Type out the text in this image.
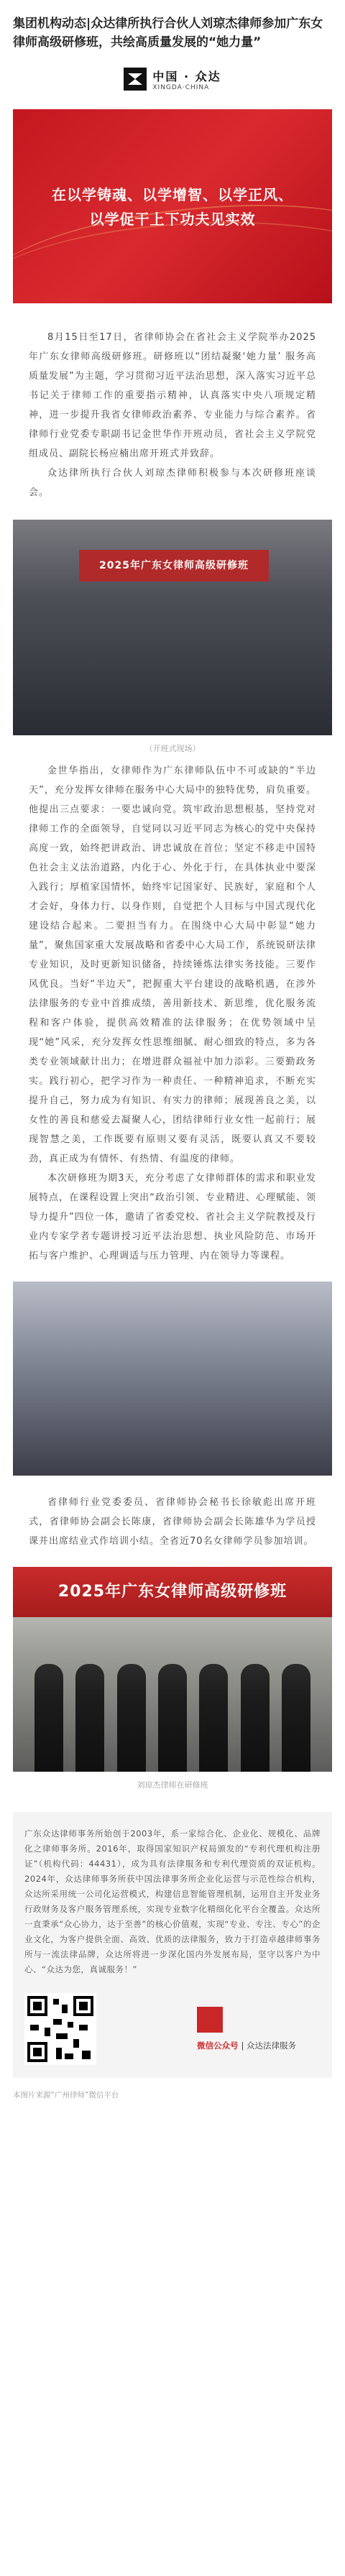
集团机构动态|众达律所执行合伙人刘琼杰律师参加广东女律师高级研修班，共绘高质量发展的“她力量”
中国 · 众达
XINGDA·CHINA
在以学铸魂、以学增智、以学正风、
以学促干上下功夫见实效
8月15日至17日，省律师协会在省社会主义学院举办2025年广东女律师高级研修班。研修班以“团结凝聚‘她力量’ 服务高质量发展”为主题，学习贯彻习近平法治思想，深入落实习近平总书记关于律师工作的重要指示精神，认真落实中央八项规定精神，进一步提升我省女律师政治素养、专业能力与综合素养。省律师行业党委专职副书记金世华作开班动员，省社会主义学院党组成员、副院长杨应楠出席开班式并致辞。
众达律所执行合伙人刘琼杰律师积极参与本次研修班座谈会。
2025年广东女律师高级研修班
（开班式现场）
金世华指出，女律师作为广东律师队伍中不可或缺的“半边天”，充分发挥女律师在服务中心大局中的独特优势，肩负重要。他提出三点要求：一要忠诚向党。筑牢政治思想根基，坚持党对律师工作的全面领导，自觉同以习近平同志为核心的党中央保持高度一致，始终把讲政治、讲忠诚放在首位；坚定不移走中国特色社会主义法治道路，内化于心、外化于行，在具体执业中要深入践行；厚植家国情怀，始终牢记国家好、民族好，家庭和个人才会好，身体力行、以身作则，自觉把个人目标与中国式现代化建设结合起来。二要担当有力。在围绕中心大局中彰显“她力量”，聚焦国家重大发展战略和省委中心大局工作，系统锐研法律专业知识，及时更新知识储备，持续锤炼法律实务技能。三要作风优良。当好“半边天”，把握重大平台建设的战略机遇，在涉外法律服务的专业中首推成绩，善用新技术、新思维，优化服务流程和客户体验，提供高效精准的法律服务；在优势领域中呈现“她”风采，充分发挥女性思维细腻、耐心细致的特点，多为各类专业领域献计出力；在增进群众福祉中加力添彩。三要勤政务实。践行初心，把学习作为一种责任、一种精神追求，不断充实提升自己，努力成为有知识、有实力的律师；展现善良之美，以女性的善良和慈爱去凝聚人心，团结律师行业女性一起前行；展现智慧之美，工作既要有原则又要有灵活，既要认真又不要较劲，真正成为有情怀、有热情、有温度的律师。
本次研修班为期3天，充分考虑了女律师群体的需求和职业发展特点，在课程设置上突出“政治引领、专业精进、心理赋能、领导力提升”四位一体，邀请了省委党校、省社会主义学院教授及行业内专家学者专题讲授习近平法治思想、执业风险防范、市场开拓与客户维护、心理调适与压力管理、内在领导力等课程。
省律师行业党委委员、省律师协会秘书长徐敏彪出席开班式，省律师协会副会长陈康，省律师协会副会长陈雄华为学员授课并出席结业式作培训小结。全省近70名女律师学员参加培训。
2025年广东女律师高级研修班
刘琼杰律师在研修班
广东众达律师事务所始创于2003年，系一家综合化、企业化、规模化、品牌化之律师事务所。2016年，取得国家知识产权局颁发的“专利代理机构注册证”（机构代码：44431），成为具有法律服务和专利代理资质的双证机构。2024年，众达律师事务所获中国法律事务所企业化运营与示范性综合机构，众达所采用统一公司化运营模式，构建信息智能管理机制，运用自主开发业务行政财务及客户服务管理系统，实现专业数字化精细化化平台全覆盖。众达所一直秉承“众心协力，达于至善”的核心价值观，实现“专业、专注、专心”的企业文化，为客户提供全面、高效、优质的法律服务，致力于打造卓越律师事务所与一流法律品牌，众达所将进一步深化国内外发展布局，坚守以客户为中心、“众达为您，真诚服务！”
微信公众号 | 众达法律服务
本图片来源“广州律师”微信平台
